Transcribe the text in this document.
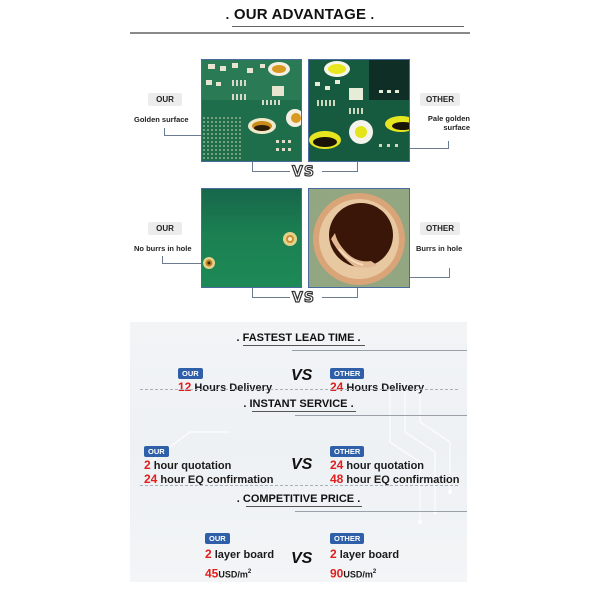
. OUR ADVANTAGE .
OUR
Golden surface
OTHER
Pale golden
surface
VS
OUR
No burrs in hole
OTHER
Burrs in hole
VS
. FASTEST LEAD TIME .
OUR
12 Hours Delivery
VS	OTHER
24 Hours Delivery
. INSTANT SERVICE .
OUR
2 hour quotation
24 hour EQ confirmation
VS
OTHER
24 hour quotation
48 hour EQ confirmation
. COMPETITIVE PRICE .
OUR
2 layer board
$45USD/m^2$
VS
OTHER
2 layer board
$90USD/m^2$
